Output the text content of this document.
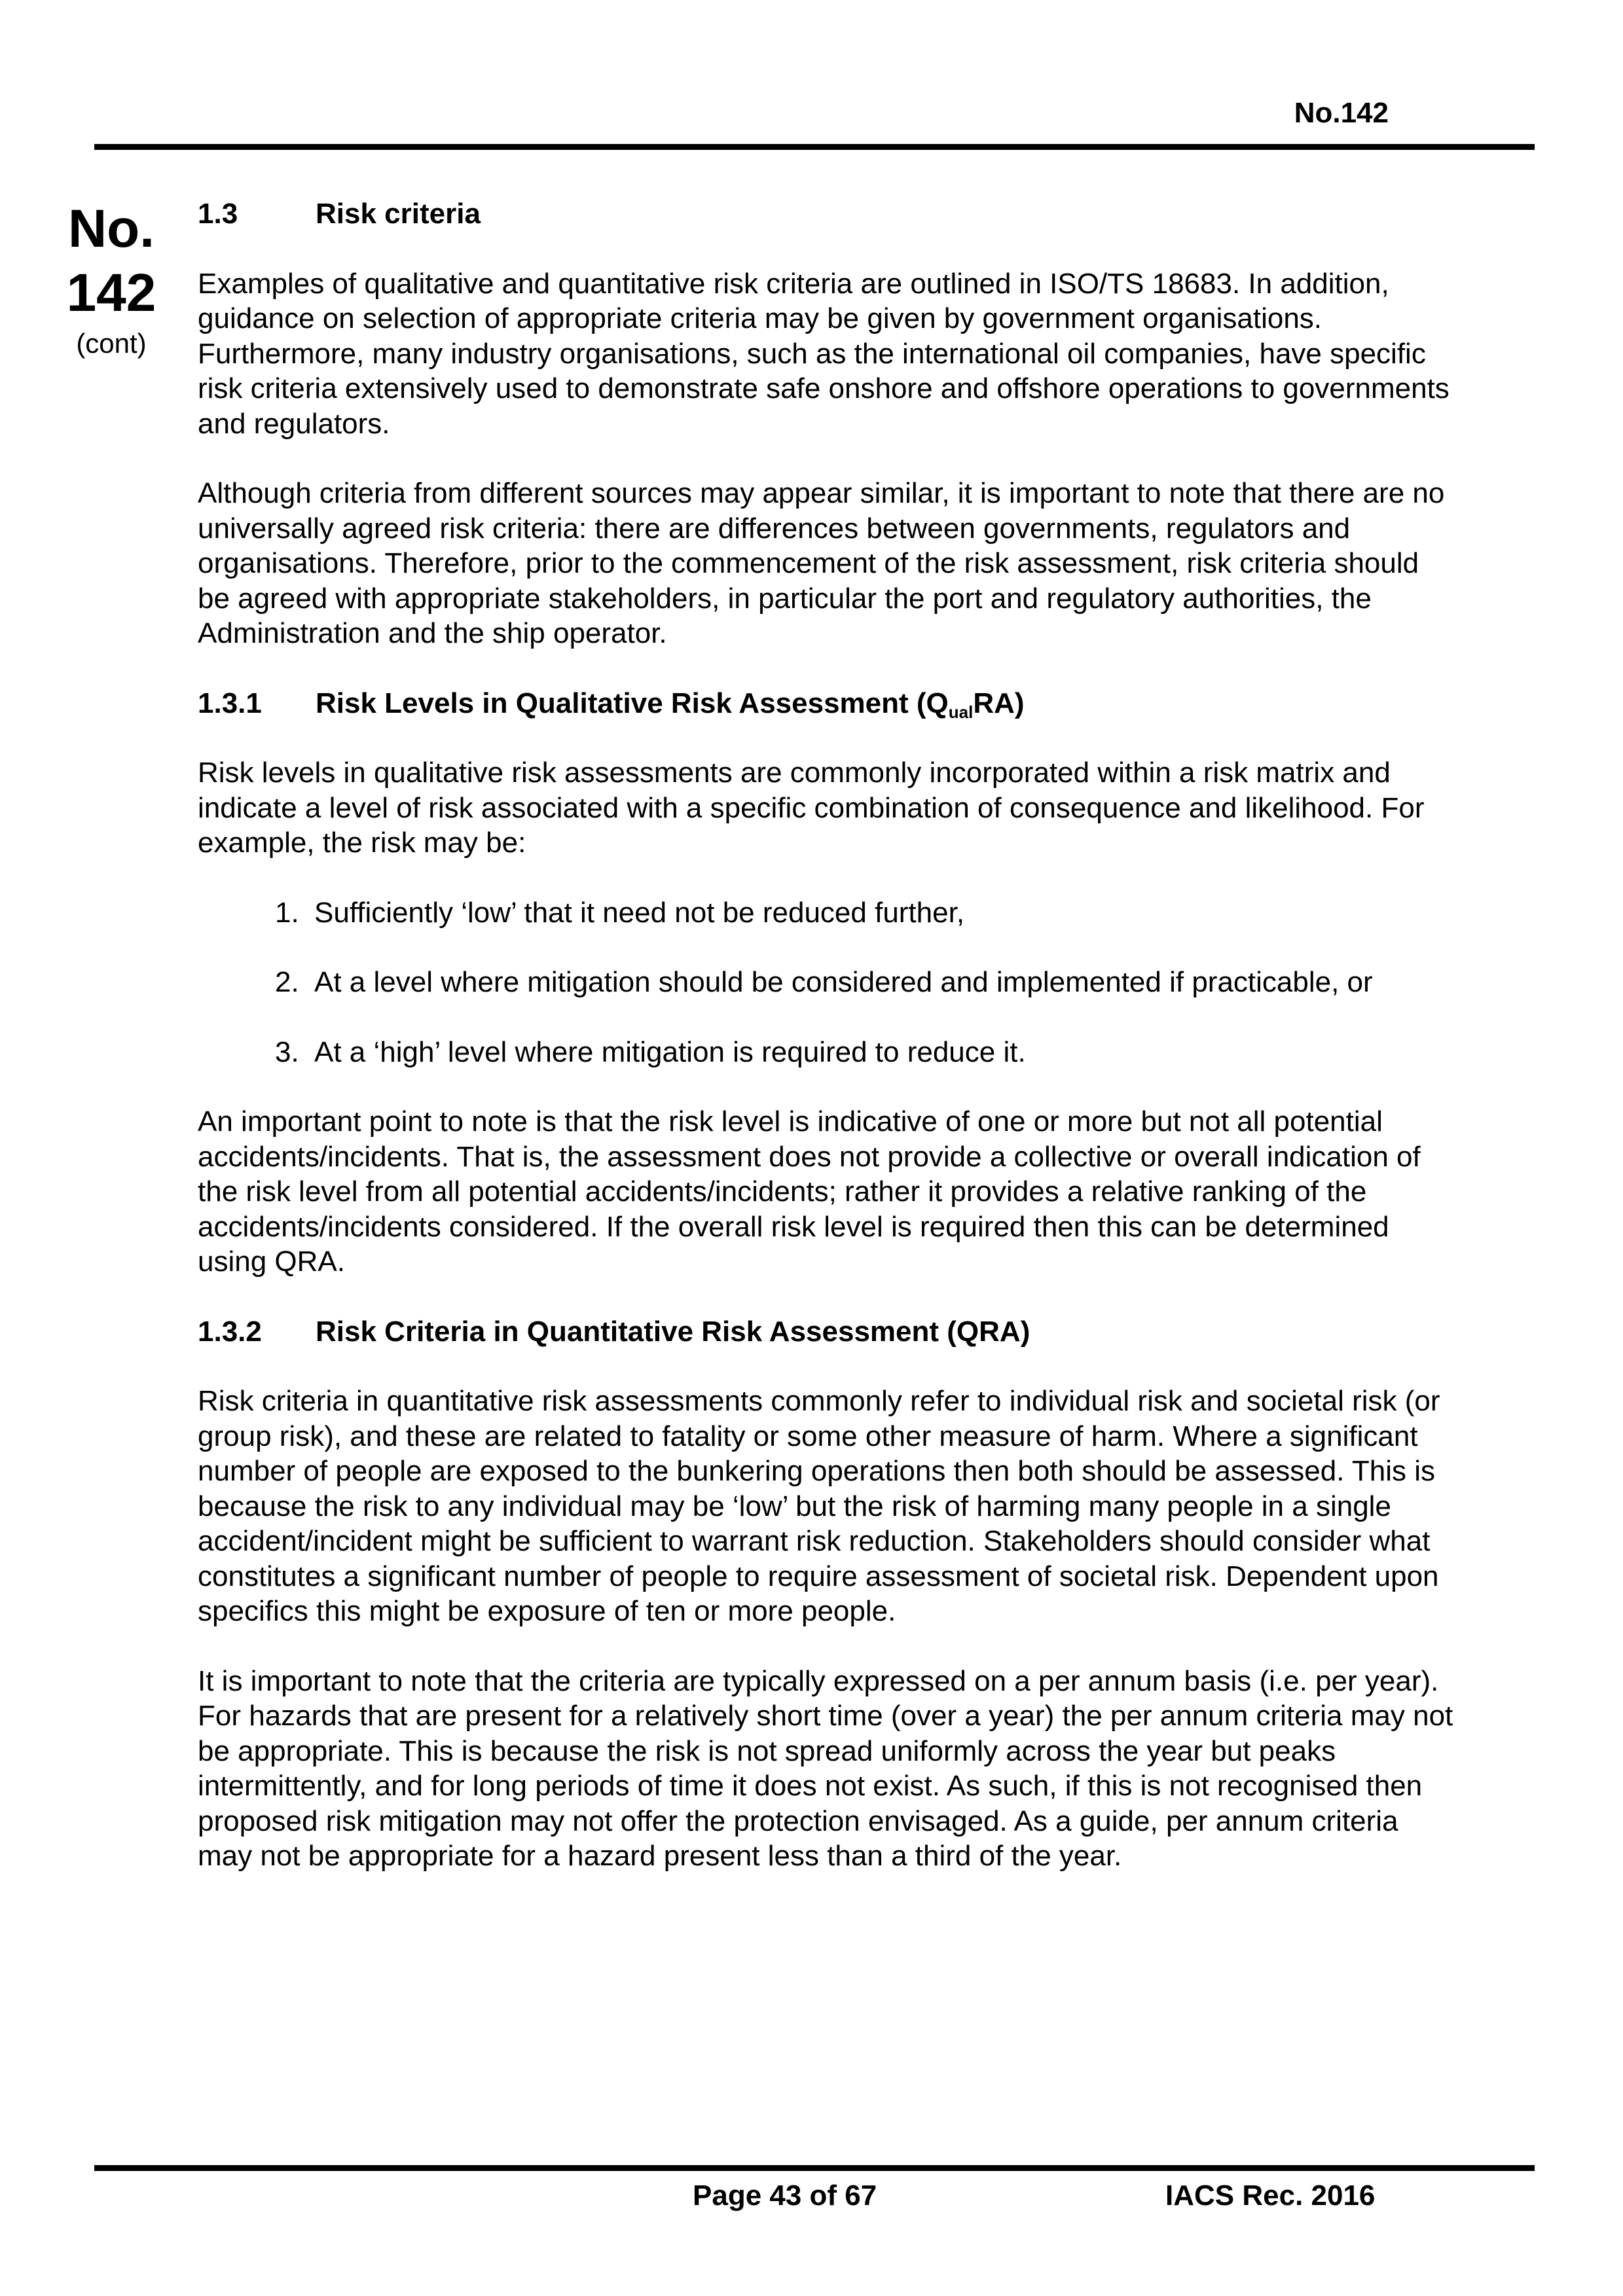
No.142
No.
142
(cont)
1.3	Risk criteria
Examples of qualitative and quantitative risk criteria are outlined in ISO/TS 18683. In addition, guidance on selection of appropriate criteria may be given by government organisations. Furthermore, many industry organisations, such as the international oil companies, have specific risk criteria extensively used to demonstrate safe onshore and offshore operations to governments and regulators.
Although criteria from different sources may appear similar, it is important to note that there are no universally agreed risk criteria: there are differences between governments, regulators and organisations. Therefore, prior to the commencement of the risk assessment, risk criteria should be agreed with appropriate stakeholders, in particular the port and regulatory authorities, the Administration and the ship operator.
1.3.1	Risk Levels in Qualitative Risk Assessment $(Q_{ual}RA)$
Risk levels in qualitative risk assessments are commonly incorporated within a risk matrix and indicate a level of risk associated with a specific combination of consequence and likelihood. For example, the risk may be:
1. Sufficiently ‘low’ that it need not be reduced further,
2. At a level where mitigation should be considered and implemented if practicable, or
3. At a ‘high’ level where mitigation is required to reduce it.
An important point to note is that the risk level is indicative of one or more but not all potential accidents/incidents. That is, the assessment does not provide a collective or overall indication of the risk level from all potential accidents/incidents; rather it provides a relative ranking of the accidents/incidents considered. If the overall risk level is required then this can be determined using QRA.
1.3.2	Risk Criteria in Quantitative Risk Assessment (QRA)
Risk criteria in quantitative risk assessments commonly refer to individual risk and societal risk (or group risk), and these are related to fatality or some other measure of harm. Where a significant number of people are exposed to the bunkering operations then both should be assessed. This is because the risk to any individual may be ‘low’ but the risk of harming many people in a single accident/incident might be sufficient to warrant risk reduction. Stakeholders should consider what constitutes a significant number of people to require assessment of societal risk. Dependent upon specifics this might be exposure of ten or more people.
It is important to note that the criteria are typically expressed on a per annum basis (i.e. per year). For hazards that are present for a relatively short time (over a year) the per annum criteria may not be appropriate. This is because the risk is not spread uniformly across the year but peaks intermittently, and for long periods of time it does not exist. As such, if this is not recognised then proposed risk mitigation may not offer the protection envisaged. As a guide, per annum criteria may not be appropriate for a hazard present less than a third of the year.
Page 43 of 67	IACS Rec. 2016
